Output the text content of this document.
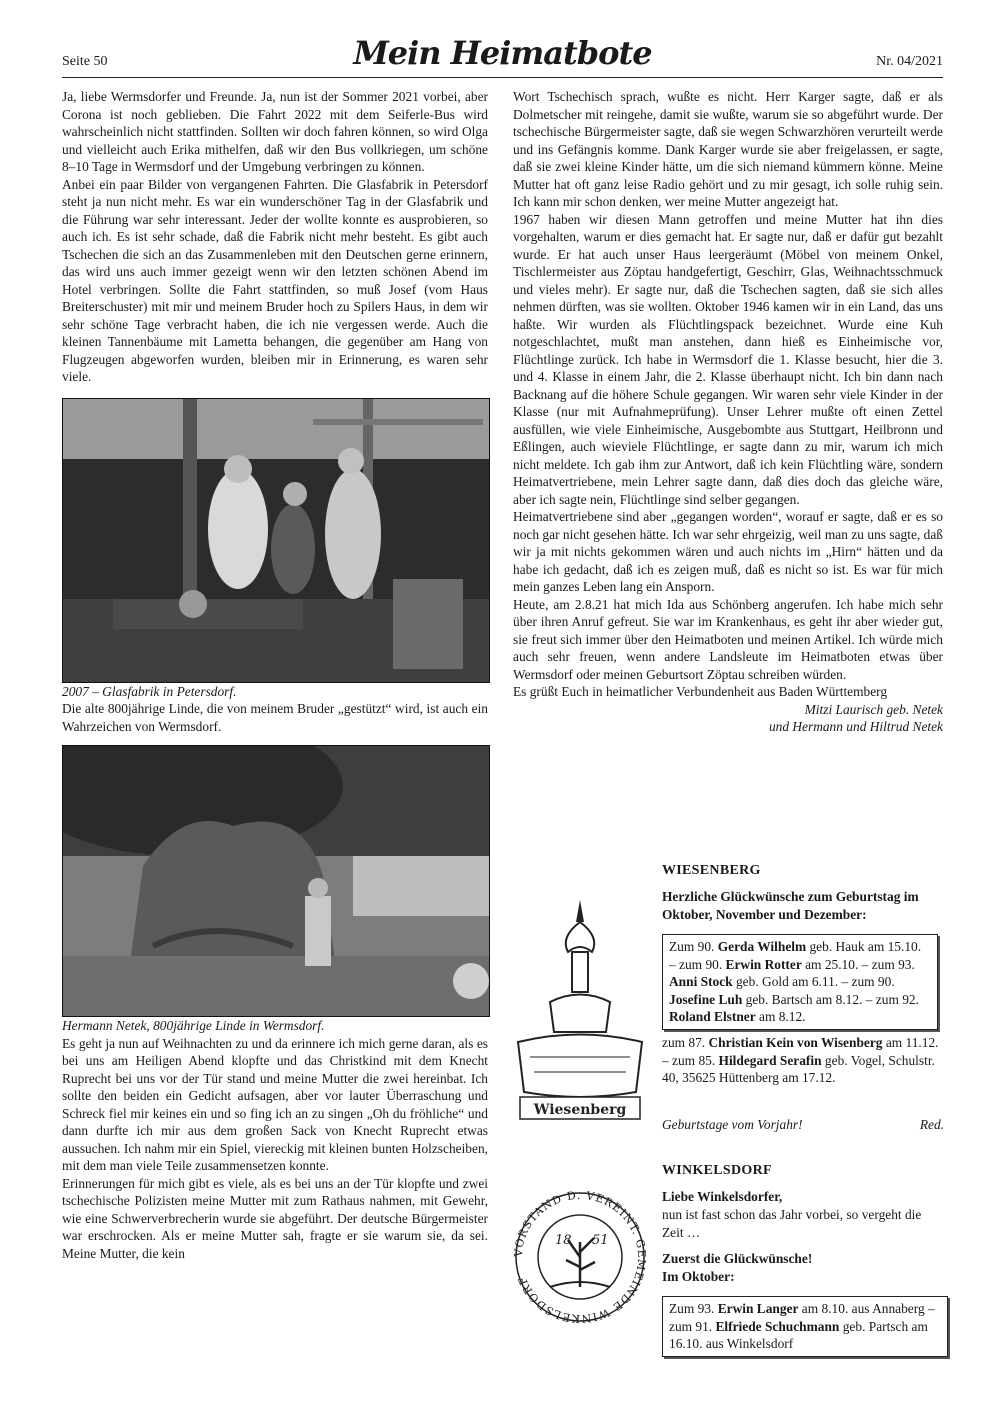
Seite 50	Mein Heimatbote	Nr. 04/2021

Ja, liebe Wermsdorfer und Freunde. Ja, nun ist der Sommer 2021 vorbei, aber Corona ist noch geblieben. Die Fahrt 2022 mit dem Seiferle-Bus wird wahrscheinlich nicht stattfinden. Sollten wir doch fahren können, so wird Olga und vielleicht auch Erika mithelfen, daß wir den Bus vollkriegen, um schöne 8–10 Tage in Wermsdorf und der Umgebung verbringen zu können.

Anbei ein paar Bilder von vergangenen Fahrten. Die Glasfabrik in Petersdorf steht ja nun nicht mehr. Es war ein wunderschöner Tag in der Glasfabrik und die Führung war sehr interessant. Jeder der wollte konnte es ausprobieren, so auch ich. Es ist sehr schade, daß die Fabrik nicht mehr besteht. Es gibt auch Tschechen die sich an das Zusammenleben mit den Deutschen gerne erinnern, das wird uns auch immer gezeigt wenn wir den letzten schönen Abend im Hotel verbringen. Sollte die Fahrt stattfinden, so muß Josef (vom Haus Breiterschuster) mit mir und meinem Bruder hoch zu Spilers Haus, in dem wir sehr schöne Tage verbracht haben, die ich nie vergessen werde. Auch die kleinen Tannenbäume mit Lametta behangen, die gegenüber am Hang von Flugzeugen abgeworfen wurden, bleiben mir in Erinnerung, es waren sehr viele.

2007 – Glasfabrik in Petersdorf.

Die alte 800jährige Linde, die von meinem Bruder „gestützt“ wird, ist auch ein Wahrzeichen von Wermsdorf.

Hermann Netek, 800jährige Linde in Wermsdorf.

Es geht ja nun auf Weihnachten zu und da erinnere ich mich gerne daran, als es bei uns am Heiligen Abend klopfte und das Christkind mit dem Knecht Ruprecht bei uns vor der Tür stand und meine Mutter die zwei hereinbat. Ich sollte den beiden ein Gedicht aufsagen, aber vor lauter Überraschung und Schreck fiel mir keines ein und so fing ich an zu singen „Oh du fröhliche“ und dann durfte ich mir aus dem großen Sack von Knecht Ruprecht etwas aussuchen. Ich nahm mir ein Spiel, viereckig mit kleinen bunten Holzscheiben, mit dem man viele Teile zusammensetzen konnte.

Erinnerungen für mich gibt es viele, als es bei uns an der Tür klopfte und zwei tschechische Polizisten meine Mutter mit zum Rathaus nahmen, mit Gewehr, wie eine Schwerverbrecherin wurde sie abgeführt. Der deutsche Bürgermeister war erschrocken. Als er meine Mutter sah, fragte er sie warum sie, da sei. Meine Mutter, die kein

Wort Tschechisch sprach, wußte es nicht. Herr Karger sagte, daß er als Dolmetscher mit reingehe, damit sie wußte, warum sie so abgeführt wurde. Der tschechische Bürgermeister sagte, daß sie wegen Schwarzhören verurteilt werde und ins Gefängnis komme. Dank Karger wurde sie aber freigelassen, er sagte, daß sie zwei kleine Kinder hätte, um die sich niemand kümmern könne. Meine Mutter hat oft ganz leise Radio gehört und zu mir gesagt, ich solle ruhig sein. Ich kann mir schon denken, wer meine Mutter angezeigt hat.

1967 haben wir diesen Mann getroffen und meine Mutter hat ihn dies vorgehalten, warum er dies gemacht hat. Er sagte nur, daß er dafür gut bezahlt wurde. Er hat auch unser Haus leergeräumt (Möbel von meinem Onkel, Tischlermeister aus Zöptau handgefertigt, Geschirr, Glas, Weihnachtsschmuck und vieles mehr). Er sagte nur, daß die Tschechen sagten, daß sie sich alles nehmen dürften, was sie wollten. Oktober 1946 kamen wir in ein Land, das uns haßte. Wir wurden als Flüchtlingspack bezeichnet. Wurde eine Kuh notgeschlachtet, mußt man anstehen, dann hieß es Einheimische vor, Flüchtlinge zurück. Ich habe in Wermsdorf die 1. Klasse besucht, hier die 3. und 4. Klasse in einem Jahr, die 2. Klasse überhaupt nicht. Ich bin dann nach Backnang auf die höhere Schule gegangen. Wir waren sehr viele Kinder in der Klasse (nur mit Aufnahmeprüfung). Unser Lehrer mußte oft einen Zettel ausfüllen, wie viele Einheimische, Ausgebombte aus Stuttgart, Heilbronn und Eßlingen, auch wieviele Flüchtlinge, er sagte dann zu mir, warum ich mich nicht meldete. Ich gab ihm zur Antwort, daß ich kein Flüchtling wäre, sondern Heimatvertriebene, mein Lehrer sagte dann, daß dies doch das gleiche wäre, aber ich sagte nein, Flüchtlinge sind selber gegangen.

Heimatvertriebene sind aber „gegangen worden“, worauf er sagte, daß er es so noch gar nicht gesehen hätte. Ich war sehr ehrgeizig, weil man zu uns sagte, daß wir ja mit nichts gekommen wären und auch nichts im „Hirn“ hätten und da habe ich gedacht, daß ich es zeigen muß, daß es nicht so ist. Es war für mich mein ganzes Leben lang ein Ansporn.

Heute, am 2.8.21 hat mich Ida aus Schönberg angerufen. Ich habe mich sehr über ihren Anruf gefreut. Sie war im Krankenhaus, es geht ihr aber wieder gut, sie freut sich immer über den Heimatboten und meinen Artikel. Ich würde mich auch sehr freuen, wenn andere Landsleute im Heimatboten etwas über Wermsdorf oder meinen Geburtsort Zöptau schreiben würden.

Es grüßt Euch in heimatlicher Verbundenheit aus Baden Württemberg

Mitzi Laurisch geb. Netek

und Hermann und Hiltrud Netek

Wiesenberg
WIESENBERG
Herzliche Glückwünsche zum Geburtstag im Oktober, November und Dezember:
Zum 90. Gerda Wilhelm geb. Hauk am 15.10. – zum 90. Erwin Rotter am 25.10. – zum 93. Anni Stock geb. Gold am 6.11. – zum 90. Josefine Luh geb. Bartsch am 8.12. – zum 92. Roland Elstner am 8.12.
zum 87. Christian Kein von Wisenberg am 11.12. – zum 85. Hildegard Serafin geb. Vogel, Schulstr. 40, 35625 Hüttenberg am 17.12.
Geburtstage vom Vorjahr!	Red.
VORSTAND D. VEREINT. GEMEINDE WINKELSDORF
18 51
WINKELSDORF
Liebe Winkelsdorfer,
nun ist fast schon das Jahr vorbei, so vergeht die Zeit …
Zuerst die Glückwünsche!
Im Oktober:
Zum 93. Erwin Langer am 8.10. aus Annaberg – zum 91. Elfriede Schuchmann geb. Partsch am 16.10. aus Winkelsdorf
